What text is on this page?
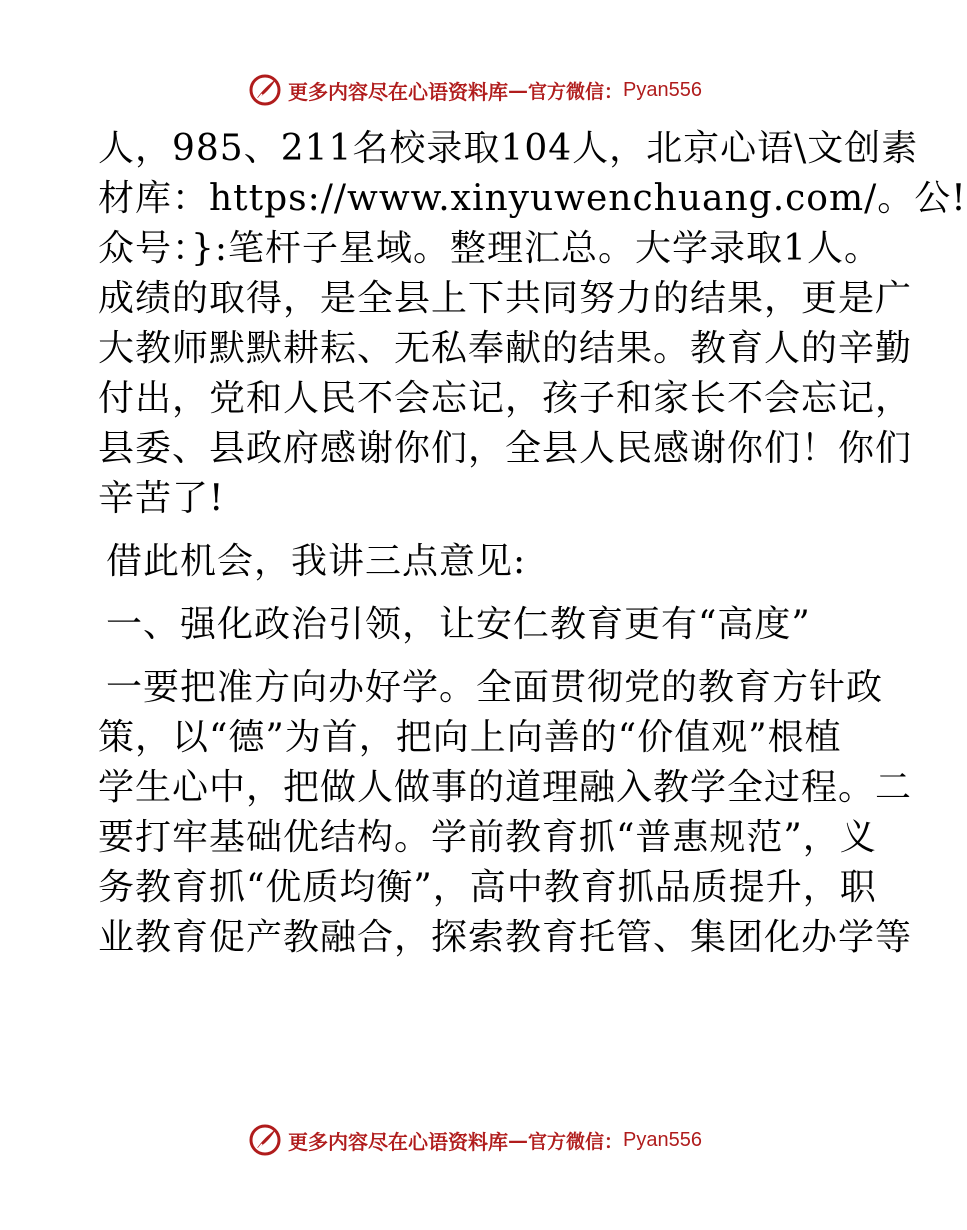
更多内容尽在心语资料库 — 官方微信： Pyan556
人，985、211名校录取104人，北京心语\文创素
材库：https://www.xinyuwenchuang.com/。公!
众号：}:笔杆子星域。整理汇总。大学录取1人。
成绩的取得，是全县上下共同努力的结果，更是广
大教师默默耕耘、无私奉献的结果。教育人的辛勤
付出，党和人民不会忘记，孩子和家长不会忘记，
县委、县政府感谢你们，全县人民感谢你们！你们
辛苦了!
借此机会，我讲三点意见:
一、强化政治引领，让安仁教育更有“高度”
一要把准方向办好学。全面贯彻党的教育方针政
策，以“德”为首，把向上向善的“价值观”根植
学生心中，把做人做事的道理融入教学全过程。二
要打牢基础优结构。学前教育抓“普惠规范”，义
务教育抓“优质均衡”，高中教育抓品质提升，职
业教育促产教融合，探索教育托管、集团化办学等
更多内容尽在心语资料库 — 官方微信： Pyan556
